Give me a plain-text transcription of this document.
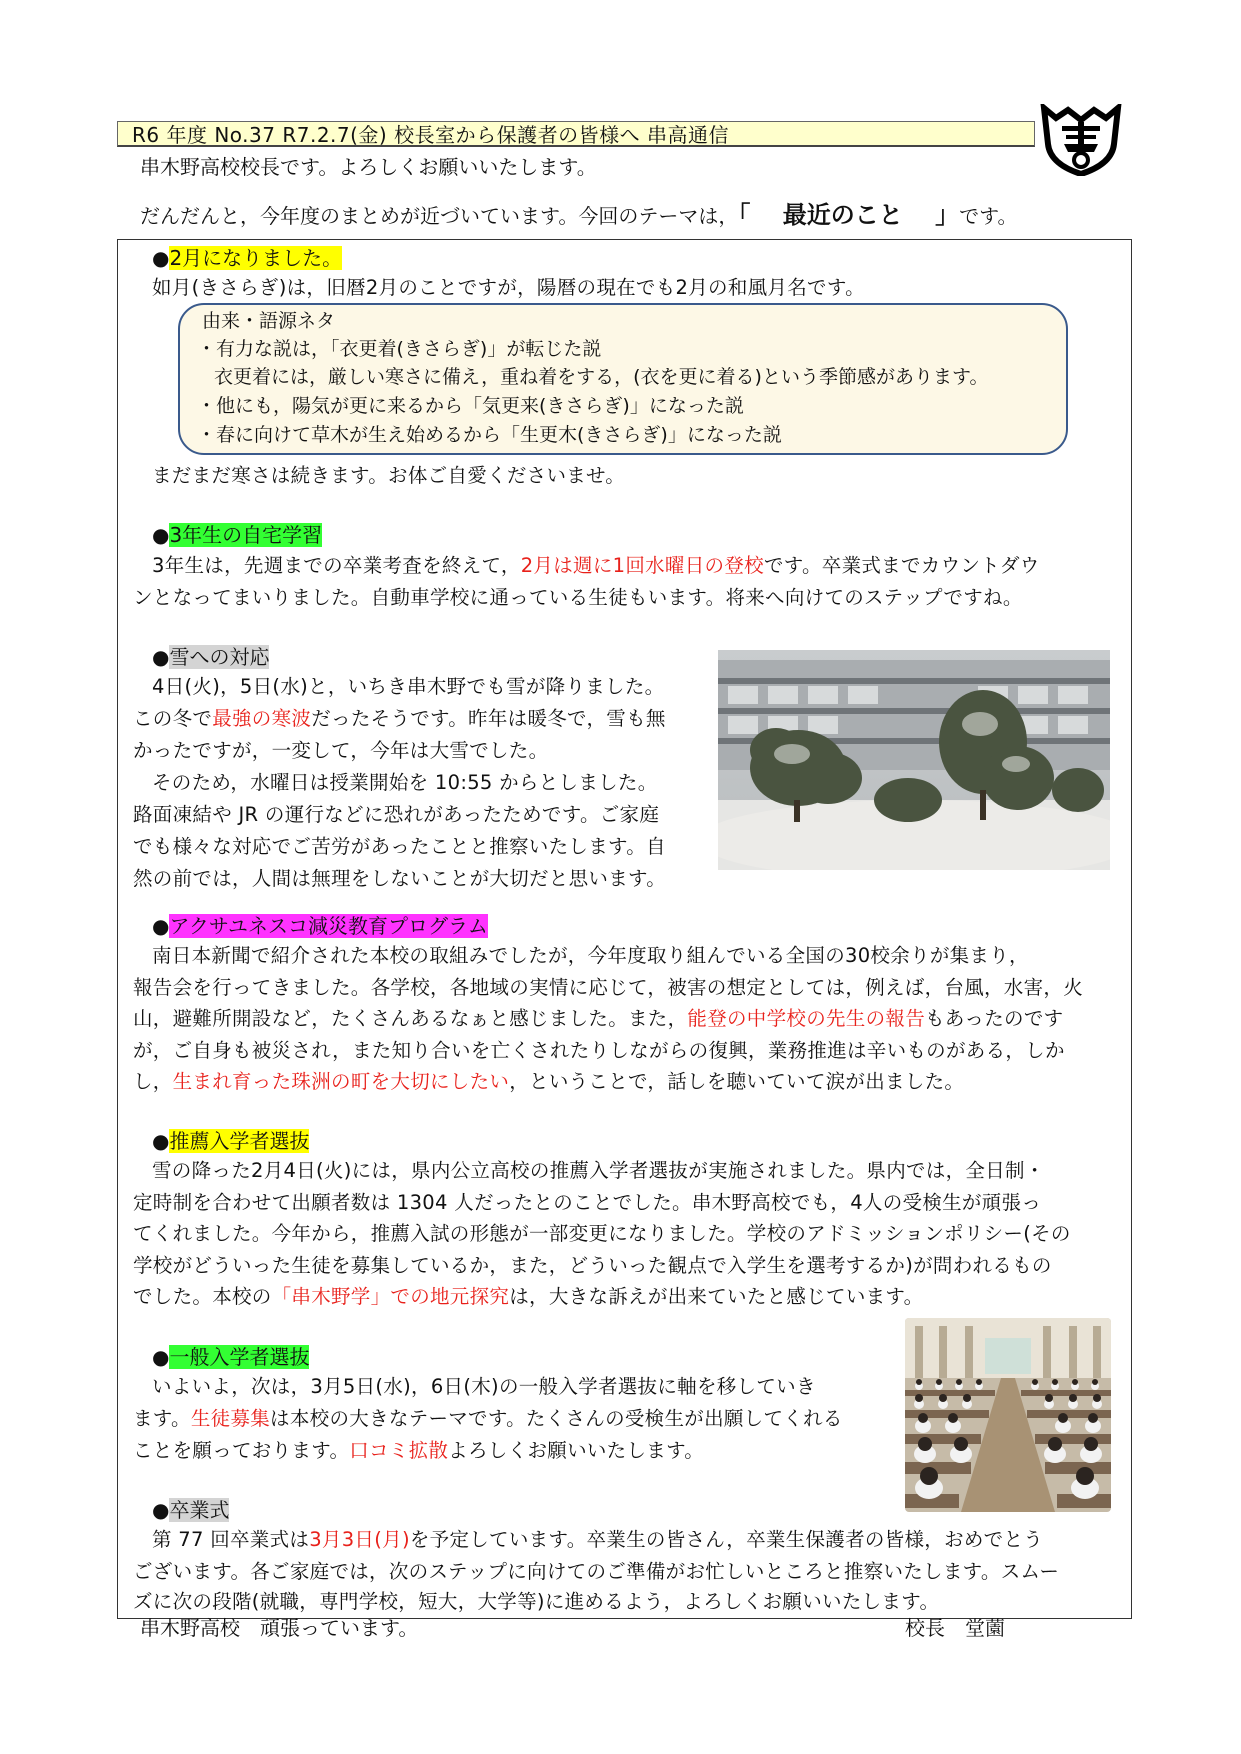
R6 年度 No.37 R7.2.7(金) 校長室から保護者の皆様へ 串高通信
串木野高校校長です。よろしくお願いいたします。
だんだんと，今年度のまとめが近づいています。今回のテーマは，「　 最近のこと　 」です。
●2月になりました。
如月(きさらぎ)は，旧暦2月のことですが，陽暦の現在でも2月の和風月名です。
由来・語源ネタ
・有力な説は，「衣更着(きさらぎ)」が転じた説
衣更着には，厳しい寒さに備え，重ね着をする，(衣を更に着る)という季節感があります。
・他にも，陽気が更に来るから「気更来(きさらぎ)」になった説
・春に向けて草木が生え始めるから「生更木(きさらぎ)」になった説
まだまだ寒さは続きます。お体ご自愛くださいませ。
●3年生の自宅学習
3年生は，先週までの卒業考査を終えて，2月は週に1回水曜日の登校です。卒業式までカウントダウ
ンとなってまいりました。自動車学校に通っている生徒もいます。将来へ向けてのステップですね。
●雪への対応
4日(火)，5日(水)と，いちき串木野でも雪が降りました。
この冬で最強の寒波だったそうです。昨年は暖冬で，雪も無
かったですが，一変して，今年は大雪でした。
そのため，水曜日は授業開始を 10:55 からとしました。
路面凍結や JR の運行などに恐れがあったためです。ご家庭
でも様々な対応でご苦労があったことと推察いたします。自
然の前では，人間は無理をしないことが大切だと思います。
●アクサユネスコ減災教育プログラム
南日本新聞で紹介された本校の取組みでしたが，今年度取り組んでいる全国の30校余りが集まり，
報告会を行ってきました。各学校，各地域の実情に応じて，被害の想定としては，例えば，台風，水害，火
山，避難所開設など，たくさんあるなぁと感じました。また，能登の中学校の先生の報告もあったのです
が，ご自身も被災され，また知り合いを亡くされたりしながらの復興，業務推進は辛いものがある，しか
し，生まれ育った珠洲の町を大切にしたい，ということで，話しを聴いていて涙が出ました。
●推薦入学者選抜
雪の降った2月4日(火)には，県内公立高校の推薦入学者選抜が実施されました。県内では，全日制・
定時制を合わせて出願者数は 1304 人だったとのことでした。串木野高校でも，4人の受検生が頑張っ
てくれました。今年から，推薦入試の形態が一部変更になりました。学校のアドミッションポリシー(その
学校がどういった生徒を募集しているか，また，どういった観点で入学生を選考するか)が問われるもの
でした。本校の「串木野学」での地元探究は，大きな訴えが出来ていたと感じています。
●一般入学者選抜
いよいよ，次は，3月5日(水)，6日(木)の一般入学者選抜に軸を移していき
ます。生徒募集は本校の大きなテーマです。たくさんの受検生が出願してくれる
ことを願っております。口コミ拡散よろしくお願いいたします。
●卒業式
第 77 回卒業式は3月3日(月)を予定しています。卒業生の皆さん，卒業生保護者の皆様，おめでとう
ございます。各ご家庭では，次のステップに向けてのご準備がお忙しいところと推察いたします。スムー
ズに次の段階(就職，専門学校，短大，大学等)に進めるよう，よろしくお願いいたします。
串木野高校　頑張っています。	校長　堂薗
